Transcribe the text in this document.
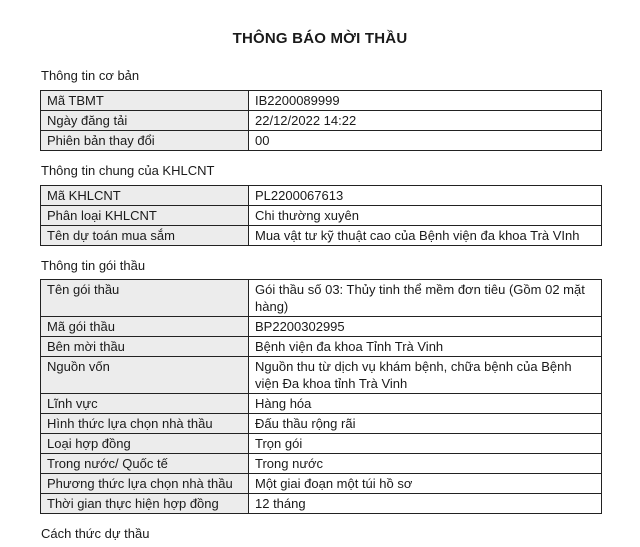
THÔNG BÁO MỜI THẦU
Thông tin cơ bản
Mã TBMT	IB2200089999
Ngày đăng tải	22/12/2022 14:22
Phiên bản thay đổi	00
Thông tin chung của KHLCNT
Mã KHLCNT	PL2200067613
Phân loại KHLCNT	Chi thường xuyên
Tên dự toán mua sắm	Mua vật tư kỹ thuật cao của Bệnh viện đa khoa Trà VInh
Thông tin gói thầu
Tên gói thầu	Gói thầu số 03: Thủy tinh thể mềm đơn tiêu (Gồm 02 mặt hàng)
Mã gói thầu	BP2200302995
Bên mời thầu	Bệnh viện đa khoa Tỉnh Trà Vinh
Nguồn vốn	Nguồn thu từ dịch vụ khám bệnh, chữa bệnh của Bệnh viện Đa khoa tỉnh Trà Vinh
Lĩnh vực	Hàng hóa
Hình thức lựa chọn nhà thầu	Đấu thầu rộng rãi
Loại hợp đồng	Trọn gói
Trong nước/ Quốc tế	Trong nước
Phương thức lựa chọn nhà thầu	Một giai đoạn một túi hồ sơ
Thời gian thực hiện hợp đồng	12 tháng
Cách thức dự thầu
